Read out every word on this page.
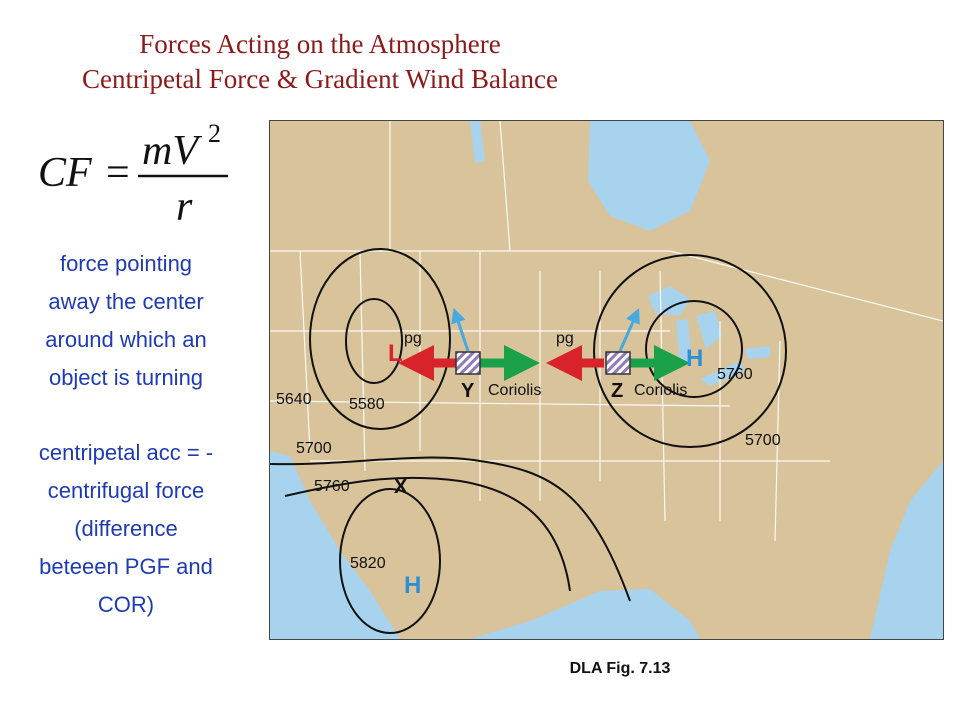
Forces Acting on the Atmosphere
Centripetal Force & Gradient Wind Balance
CF = mV 2
r
force pointing
away the center
around which an
object is turning
centripetal acc = -
centrifugal force
(difference
beteeen PGF and
COR)
5640 5580
5700
5760
5820
5760
5700
L	H
H
pg	pg
Coriolis	Coriolis
X
Y	Z
DLA Fig. 7.13
